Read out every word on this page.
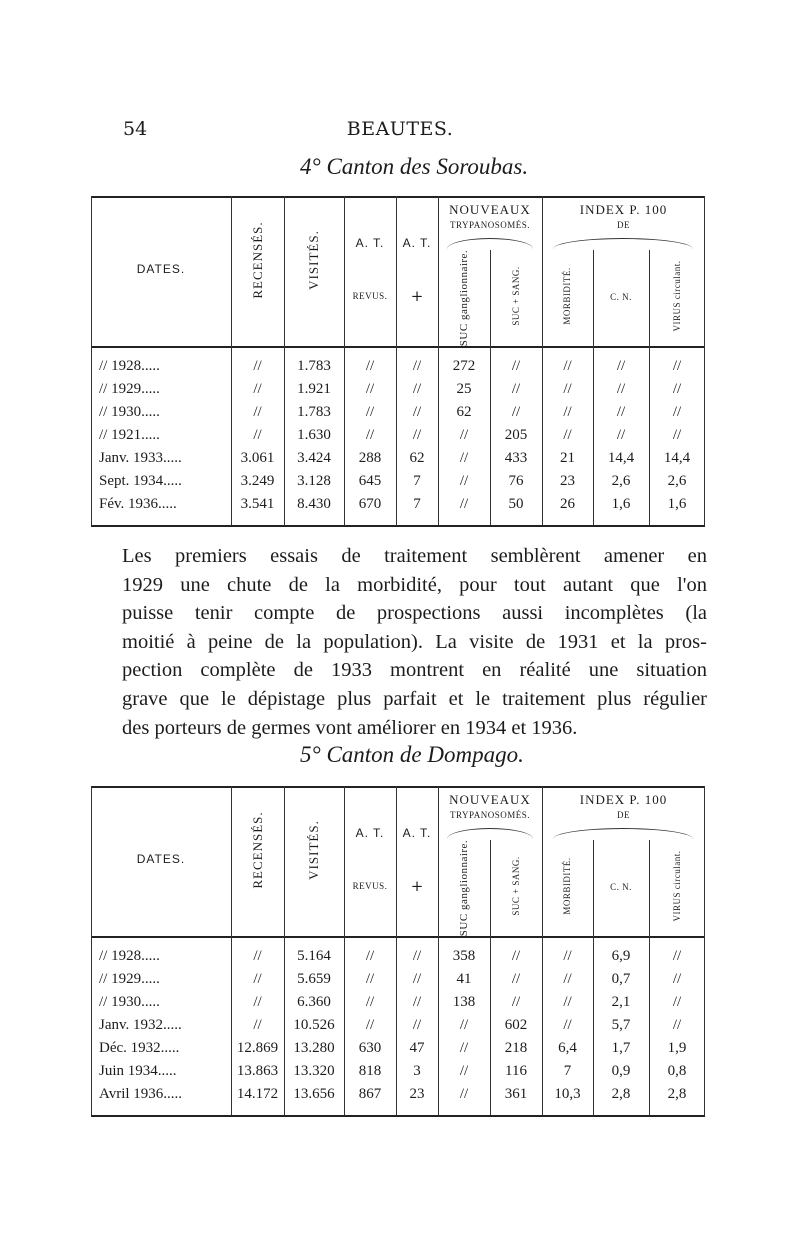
54	BEAUTES.
4° Canton des Soroubas.
DATES.	RECENSÉS.	VISITÉS.	A. T.
REVUS.
A. T.
+
NOUVEAUX
TRYPANOSOMÉS.
SUC ganglionnaire.	SUC + SANG.
INDEX P. 100
DE
MORBIDITÉ.	C. N.	VIRUS circulant.
// 1928.....	//	1.783	//	//	272	//	//	//	//
// 1929.....	//	1.921	//	//	25	//	//	//	//
// 1930.....	//	1.783	//	//	62	//	//	//	//
// 1921.....	//	1.630	//	//	//	205	//	//	//
Janv. 1933.....	3.061	3.424	288	62	//	433	21	14,4	14,4
Sept. 1934.....	3.249	3.128	645	7	//	76	23	2,6	2,6
Fév. 1936.....	3.541	8.430	670	7	//	50	26	1,6	1,6
Les premiers essais de traitement semblèrent amener en
1929 une chute de la morbidité, pour tout autant que l'on
puisse tenir compte de prospections aussi incomplètes (la
moitié à peine de la population). La visite de 1931 et la pros-
pection complète de 1933 montrent en réalité une situation
grave que le dépistage plus parfait et le traitement plus régulier
des porteurs de germes vont améliorer en 1934 et 1936.
5° Canton de Dompago.
DATES.	RECENSÉS.	VISITÉS.	A. T.
REVUS.
A. T.
+
NOUVEAUX
TRYPANOSOMÉS.
SUC ganglionnaire.	SUC + SANG.
INDEX P. 100
DE
MORBIDITÉ.	C. N.	VIRUS circulant.
// 1928.....	//	5.164	//	//	358	//	//	6,9	//
// 1929.....	//	5.659	//	//	41	//	//	0,7	//
// 1930.....	//	6.360	//	//	138	//	//	2,1	//
Janv. 1932.....	//	10.526	//	//	//	602	//	5,7	//
Déc. 1932.....	12.869	13.280	630	47	//	218	6,4	1,7	1,9
Juin 1934.....	13.863	13.320	818	3	//	116	7	0,9	0,8
Avril 1936.....	14.172	13.656	867	23	//	361	10,3	2,8	2,8
